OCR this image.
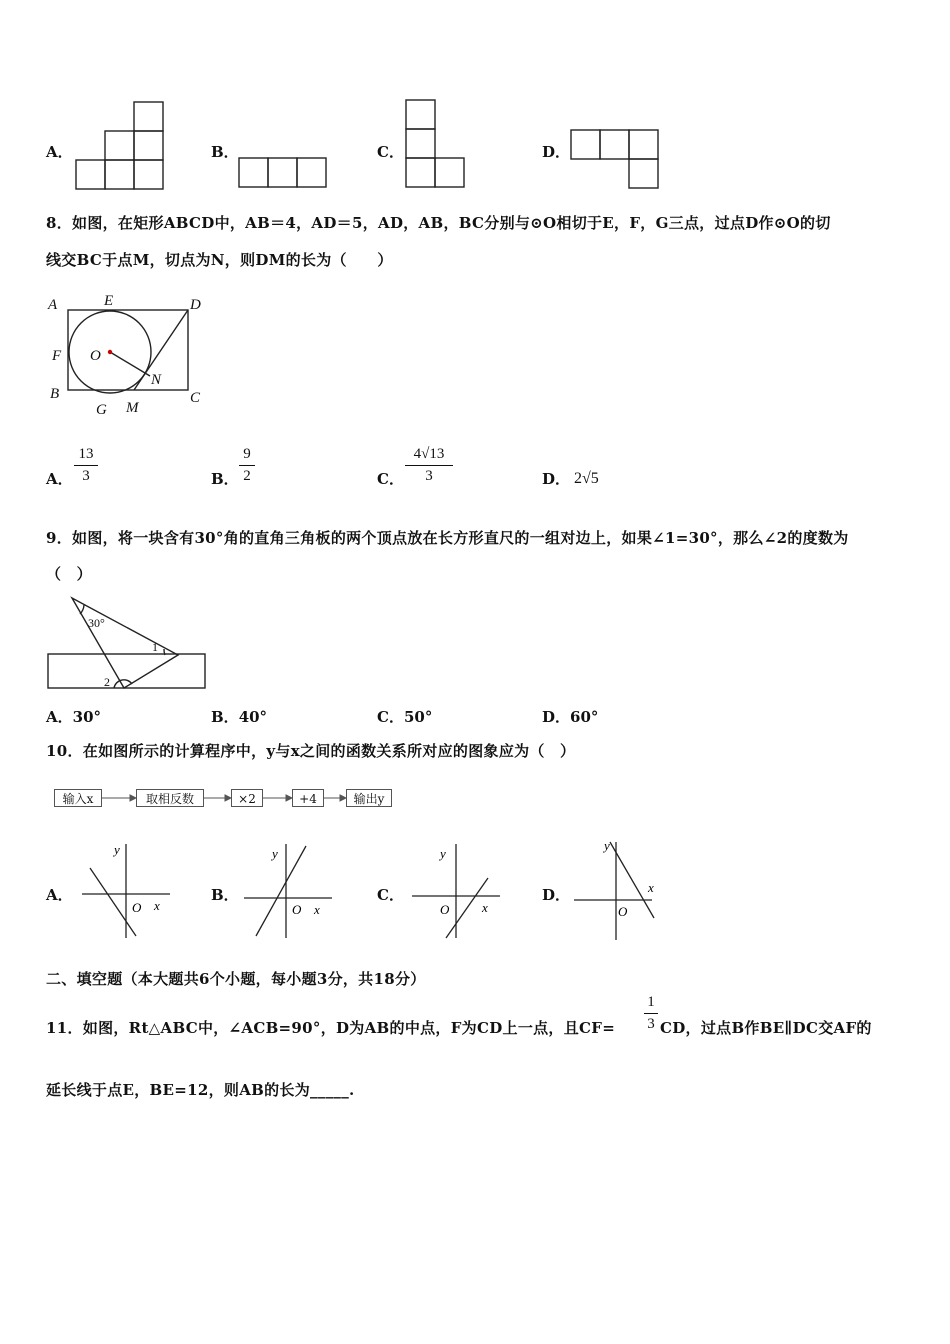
A．	B．	C．	D．
8．如图，在矩形ABCD中，AB＝4，AD＝5，AD，AB，BC分别与⊙O相切于E，F，G三点，过点D作⊙O的切
线交BC于点M，切点为N，则DM的长为（　　）
A	E	D
F O
N
B
G M
C
A．
13
3	B．
9
2	C．
4√13
3	D． 2√5
9．如图，将一块含有30°角的直角三角板的两个顶点放在长方形直尺的一组对边上，如果∠1=30°，那么∠2的度数为
（　）
30°
1
2
A．30°	B．40°	C．50°	D．60°
10．在如图所示的计算程序中，y与x之间的函数关系所对应的图象应为（　）
输入x	取相反数	×2	+4	输出y
A．
y
O x
B．
y
O x
C．
y
O	x
D．
y
O
x
二、填空题（本大题共6个小题，每小题3分，共18分）
11．如图，Rt△ABC中，∠ACB=90°，D为AB的中点，F为CD上一点，且CF=
1
3 CD，过点B作BE∥DC交AF的
延长线于点E，BE=12，则AB的长为_____.
